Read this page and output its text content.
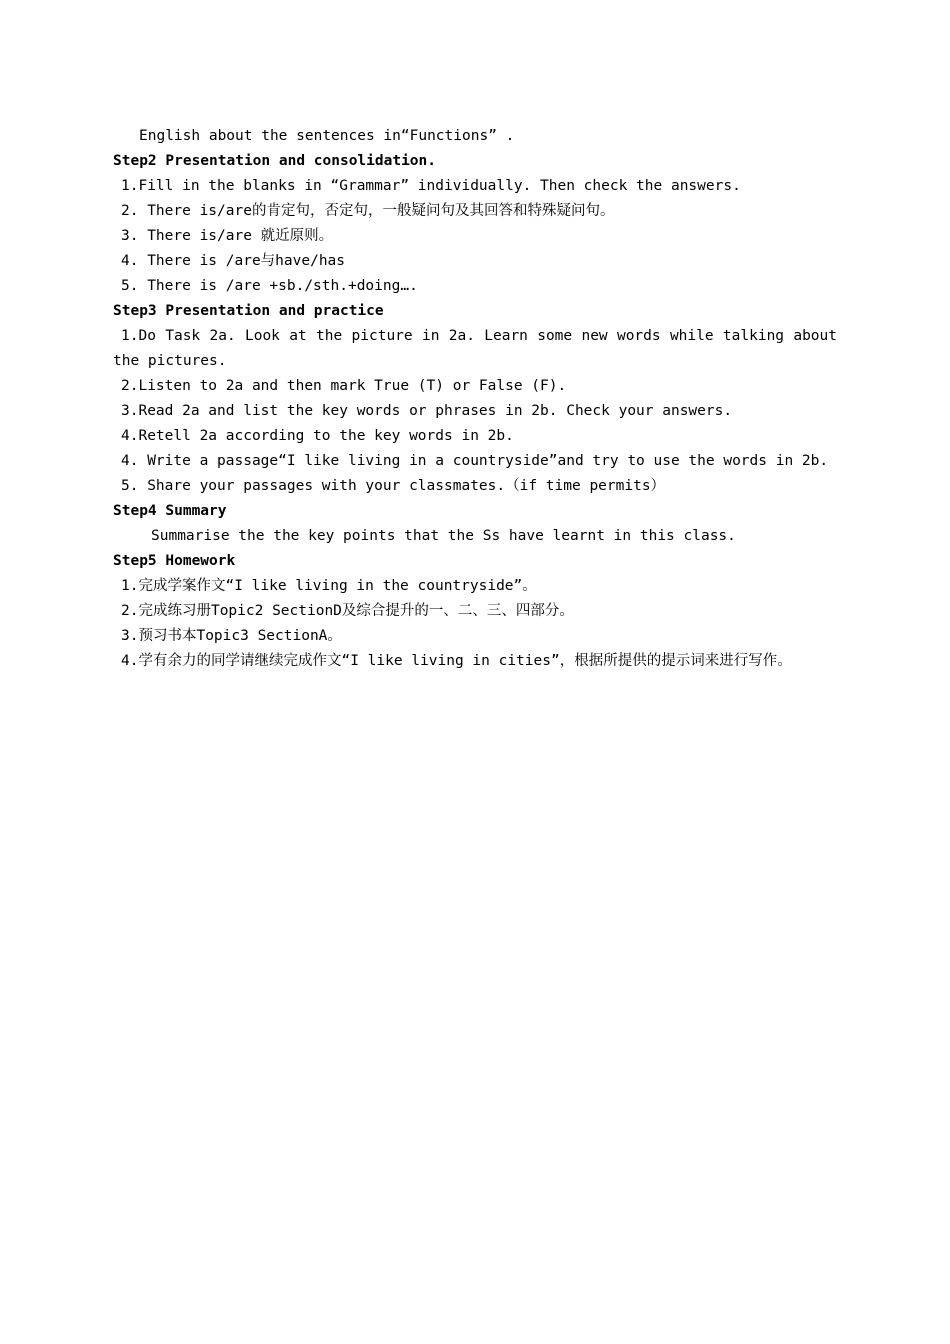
English about the sentences in“Functions” .
Step2 Presentation and consolidation.
1.Fill in the blanks in “Grammar” individually. Then check the answers.
2. There is/are的肯定句，否定句，一般疑问句及其回答和特殊疑问句。
3. There is/are 就近原则。
4. There is /are与have/has
5. There is /are +sb./sth.+doing….
Step3 Presentation and practice
1.Do Task 2a. Look at the picture in 2a. Learn some new words while talking about the pictures.
2.Listen to 2a and then mark True (T) or False (F).
3.Read 2a and list the key words or phrases in 2b. Check your answers.
4.Retell 2a according to the key words in 2b.
4. Write a passage“I like living in a countryside”and try to use the words in 2b.
5. Share your passages with your classmates.（if time permits）
Step4 Summary
Summarise the the key points that the Ss have learnt in this class.
Step5 Homework
1.完成学案作文“I like living in the countryside”。
2.完成练习册Topic2 SectionD及综合提升的一、二、三、四部分。
3.预习书本Topic3 SectionA。
4.学有余力的同学请继续完成作文“I like living in cities”，根据所提供的提示词来进行写作。
